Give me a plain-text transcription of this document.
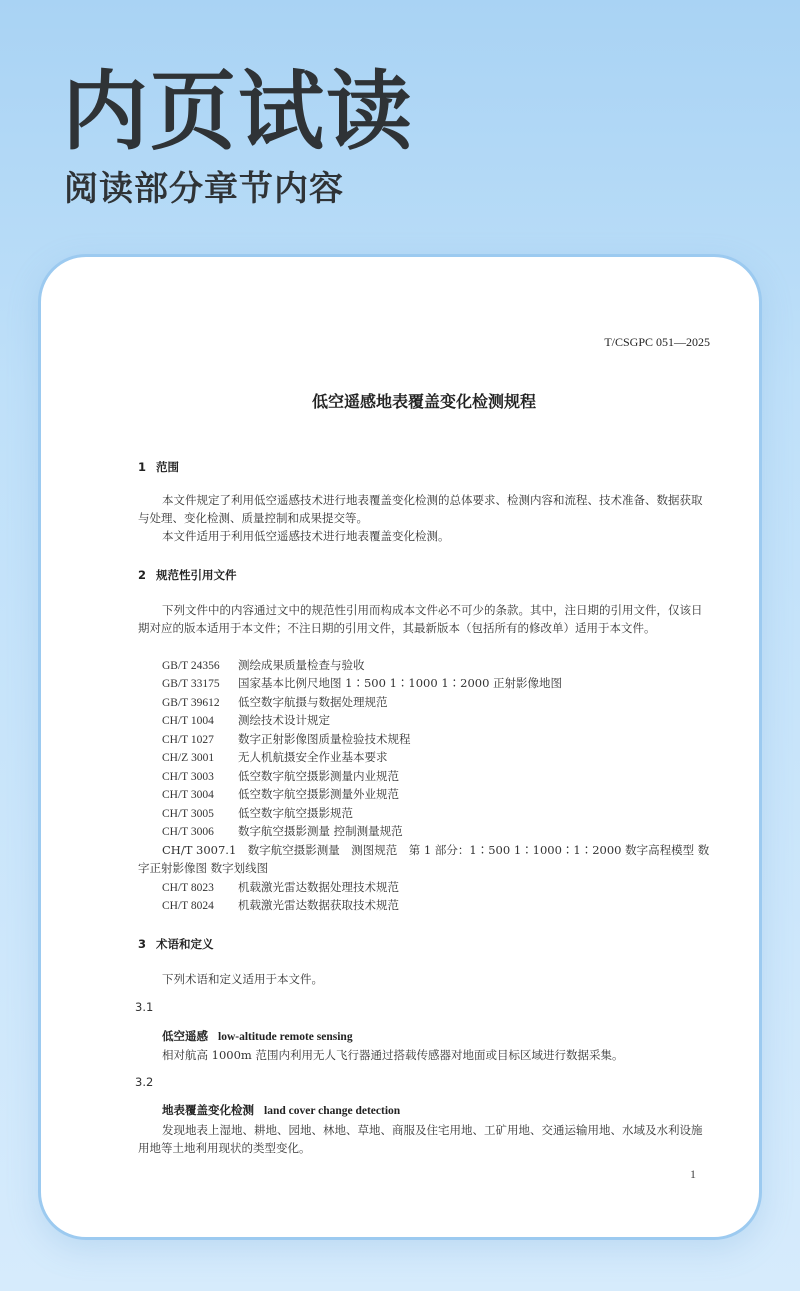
内页试读
阅读部分章节内容
T/CSGPC 051—2025
低空遥感地表覆盖变化检测规程
1 范围

本文件规定了利用低空遥感技术进行地表覆盖变化检测的总体要求、检测内容和流程、技术准备、数据获取与处理、变化检测、质量控制和成果提交等。

本文件适用于利用低空遥感技术进行地表覆盖变化检测。

2 规范性引用文件

下列文件中的内容通过文中的规范性引用而构成本文件必不可少的条款。其中，注日期的引用文件，仅该日期对应的版本适用于本文件；不注日期的引用文件，其最新版本（包括所有的修改单）适用于本文件。

GB/T 24356 测绘成果质量检查与验收
GB/T 33175 国家基本比例尺地图 1∶500 1∶1000 1∶2000 正射影像地图
GB/T 39612 低空数字航摄与数据处理规范
CH/T 1004 测绘技术设计规定
CH/T 1027 数字正射影像图质量检验技术规程
CH/Z 3001 无人机航摄安全作业基本要求
CH/T 3003 低空数字航空摄影测量内业规范
CH/T 3004 低空数字航空摄影测量外业规范
CH/T 3005 低空数字航空摄影规范
CH/T 3006 数字航空摄影测量 控制测量规范

CH/T 3007.1　数字航空摄影测量　测图规范　第 1 部分：1∶500 1∶1000∶1∶2000 数字高程模型 数字正射影像图 数字划线图

CH/T 8023 机载激光雷达数据处理技术规范
CH/T 8024 机载激光雷达数据获取技术规范
3 术语和定义

下列术语和定义适用于本文件。

3.1
低空遥感 low-altitude remote sensing

相对航高 1000m 范围内利用无人飞行器通过搭载传感器对地面或目标区域进行数据采集。

3.2
地表覆盖变化检测 land cover change detection

发现地表上湿地、耕地、园地、林地、草地、商服及住宅用地、工矿用地、交通运输用地、水域及水利设施用地等土地利用现状的类型变化。

1
